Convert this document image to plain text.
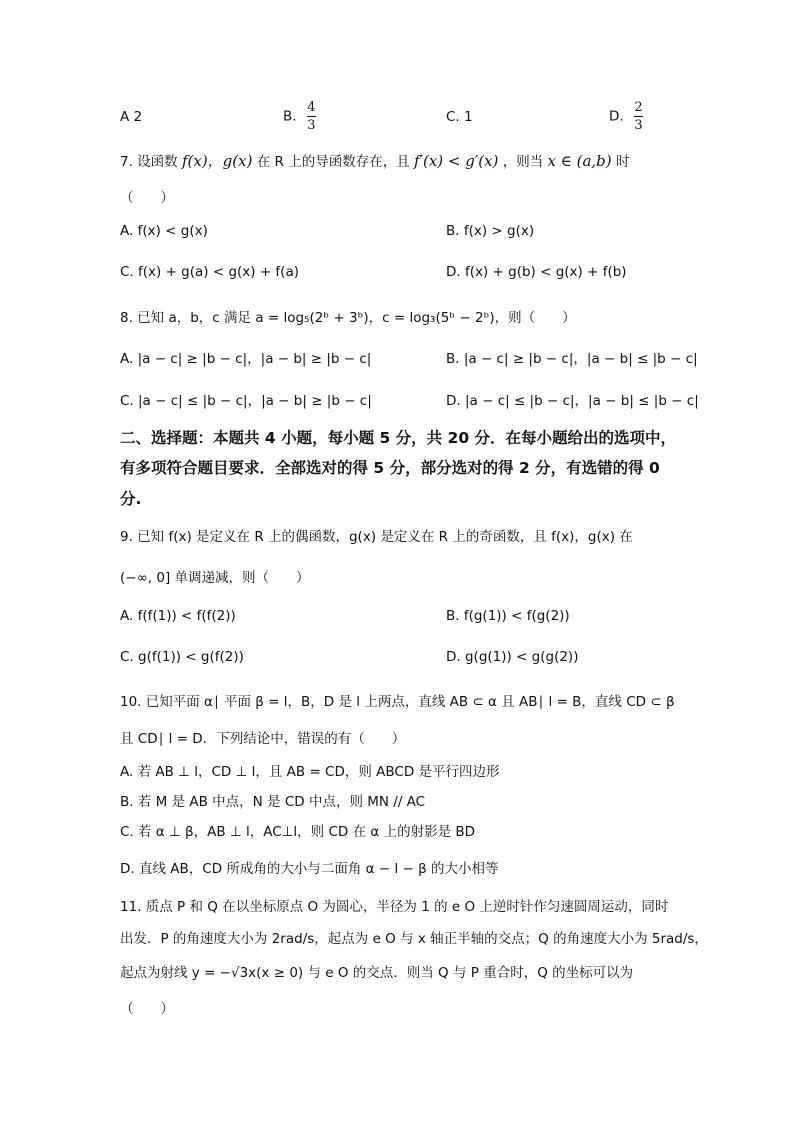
A 2	B. $\frac{4}{3}$	C. 1	D. $\frac{2}{3}$
7. 设函数 f(x)，g(x) 在 R 上的导函数存在，且 f′(x) < g′(x) ，则当 x ∈ (a,b) 时
（　　）
A. f(x) < g(x)	B. f(x) > g(x)
C. f(x) + g(a) < g(x) + f(a)	D. f(x) + g(b) < g(x) + f(b)
8. 已知 a，b，c 满足 a = log₅(2ᵇ + 3ᵇ)，c = log₃(5ᵇ − 2ᵇ)，则（　　）
A. |a − c| ≥ |b − c|，|a − b| ≥ |b − c|	B. |a − c| ≥ |b − c|，|a − b| ≤ |b − c|
C. |a − c| ≤ |b − c|，|a − b| ≥ |b − c|	D. |a − c| ≤ |b − c|，|a − b| ≤ |b − c|
二、选择题：本题共 4 小题，每小题 5 分，共 20 分．在每小题给出的选项中，
有多项符合题目要求．全部选对的得 5 分，部分选对的得 2 分，有选错的得 0
分.
9. 已知 f(x) 是定义在 R 上的偶函数，g(x) 是定义在 R 上的奇函数，且 f(x)，g(x) 在
(−∞, 0] 单调递减，则（　　）
A. f(f(1)) < f(f(2))	B. f(g(1)) < f(g(2))
C. g(f(1)) < g(f(2))	D. g(g(1)) < g(g(2))
10. 已知平面 α∣ 平面 β = l，B，D 是 l 上两点，直线 AB ⊂ α 且 AB∣ l = B，直线 CD ⊂ β
且 CD∣ l = D．下列结论中，错误的有（　　）
A. 若 AB ⊥ l，CD ⊥ l，且 AB = CD，则 ABCD 是平行四边形
B. 若 M 是 AB 中点，N 是 CD 中点，则 MN // AC
C. 若 α ⊥ β，AB ⊥ l，AC⊥l，则 CD 在 α 上的射影是 BD
D. 直线 AB，CD 所成角的大小与二面角 α − l − β 的大小相等
11. 质点 P 和 Q 在以坐标原点 O 为圆心，半径为 1 的 e O 上逆时针作匀速圆周运动，同时
出发．P 的角速度大小为 2rad/s，起点为 e O 与 x 轴正半轴的交点；Q 的角速度大小为 5rad/s，
起点为射线 y = −√3x(x ≥ 0) 与 e O 的交点．则当 Q 与 P 重合时，Q 的坐标可以为
（　　）
